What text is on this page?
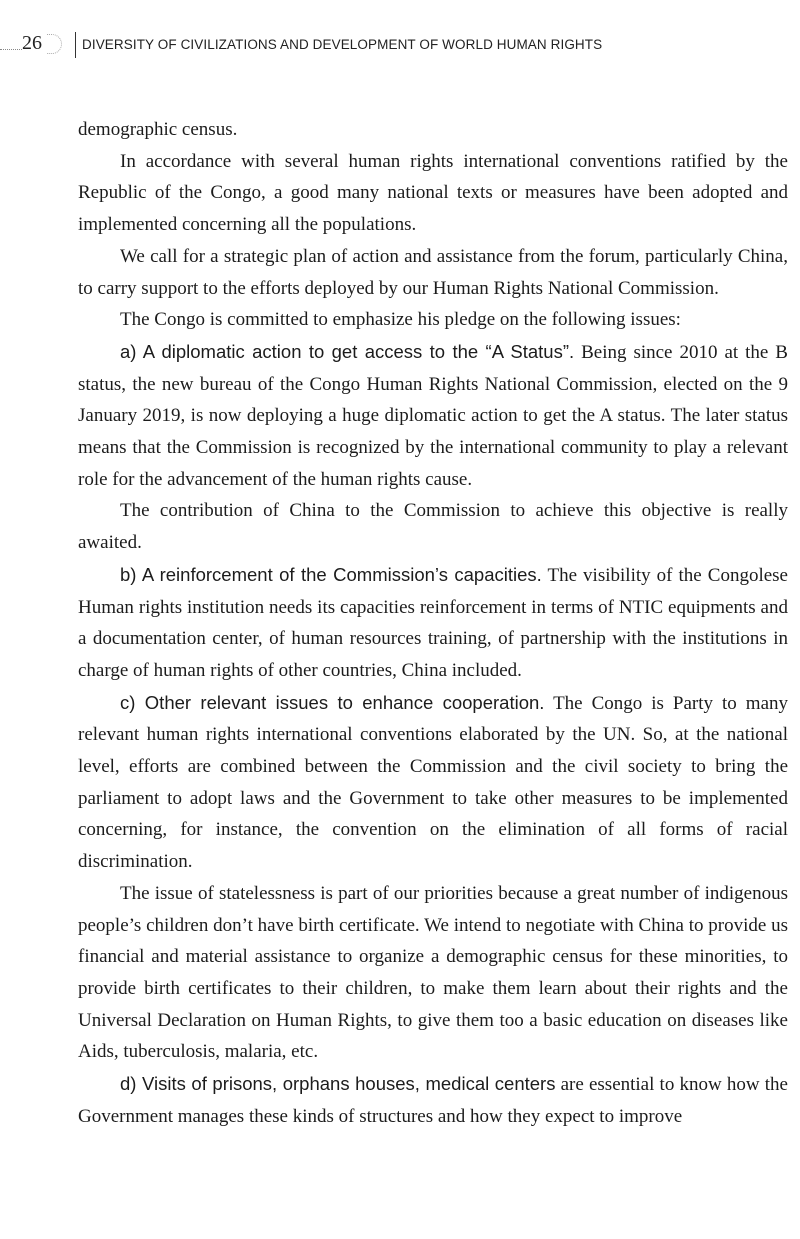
26	DIVERSITY OF CIVILIZATIONS AND DEVELOPMENT OF WORLD HUMAN RIGHTS

demographic census.

In accordance with several human rights international conventions ratified by the Republic of the Congo, a good many national texts or measures have been adopted and implemented concerning all the populations.

We call for a strategic plan of action and assistance from the forum, particularly China, to carry support to the efforts deployed by our Human Rights National Commission.

The Congo is committed to emphasize his pledge on the following issues:

a) A diplomatic action to get access to the “A Status”. Being since 2010 at the B status, the new bureau of the Congo Human Rights National Commission, elected on the 9 January 2019, is now deploying a huge diplomatic action to get the A status. The later status means that the Commission is recognized by the international community to play a relevant role for the advancement of the human rights cause.

The contribution of China to the Commission to achieve this objective is really awaited.

b) A reinforcement of the Commission’s capacities. The visibility of the Congolese Human rights institution needs its capacities reinforcement in terms of NTIC equipments and a documentation center, of human resources training, of partnership with the institutions in charge of human rights of other countries, China included.

c) Other relevant issues to enhance cooperation. The Congo is Party to many relevant human rights international conventions elaborated by the UN. So, at the national level, efforts are combined between the Commission and the civil society to bring the parliament to adopt laws and the Government to take other measures to be implemented concerning, for instance, the convention on the elimination of all forms of racial discrimination.

The issue of statelessness is part of our priorities because a great number of indigenous people’s children don’t have birth certificate. We intend to negotiate with China to provide us financial and material assistance to organize a demographic census for these minorities, to provide birth certificates to their children, to make them learn about their rights and the Universal Declaration on Human Rights, to give them too a basic education on diseases like Aids, tuberculosis, malaria, etc.

d) Visits of prisons, orphans houses, medical centers are essential to know how the Government manages these kinds of structures and how they expect to improve
